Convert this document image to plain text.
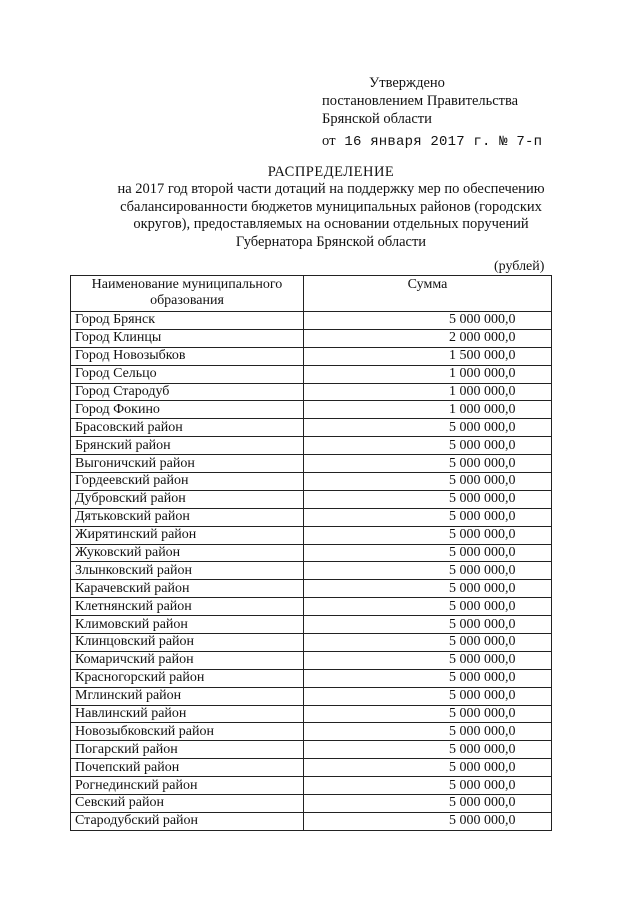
Утверждено
постановлением Правительства
Брянской области
от 16 января 2017 г. № 7-п
РАСПРЕДЕЛЕНИЕ
на 2017 год второй части дотаций на поддержку мер по обеспечению
сбалансированности бюджетов муниципальных районов (городских
округов), предоставляемых на основании отдельных поручений
Губернатора Брянской области
(рублей)
Наименование муниципального
образования	Сумма
Город Брянск	5 000 000,0
Город Клинцы	2 000 000,0
Город Новозыбков	1 500 000,0
Город Сельцо	1 000 000,0
Город Стародуб	1 000 000,0
Город Фокино	1 000 000,0
Брасовский район	5 000 000,0
Брянский район	5 000 000,0
Выгоничский район	5 000 000,0
Гордеевский район	5 000 000,0
Дубровский район	5 000 000,0
Дятьковский район	5 000 000,0
Жирятинский район	5 000 000,0
Жуковский район	5 000 000,0
Злынковский район	5 000 000,0
Карачевский район	5 000 000,0
Клетнянский район	5 000 000,0
Климовский район	5 000 000,0
Клинцовский район	5 000 000,0
Комаричский район	5 000 000,0
Красногорский район	5 000 000,0
Мглинский район	5 000 000,0
Навлинский район	5 000 000,0
Новозыбковский район	5 000 000,0
Погарский район	5 000 000,0
Почепский район	5 000 000,0
Рогнединский район	5 000 000,0
Севский район	5 000 000,0
Стародубский район	5 000 000,0
